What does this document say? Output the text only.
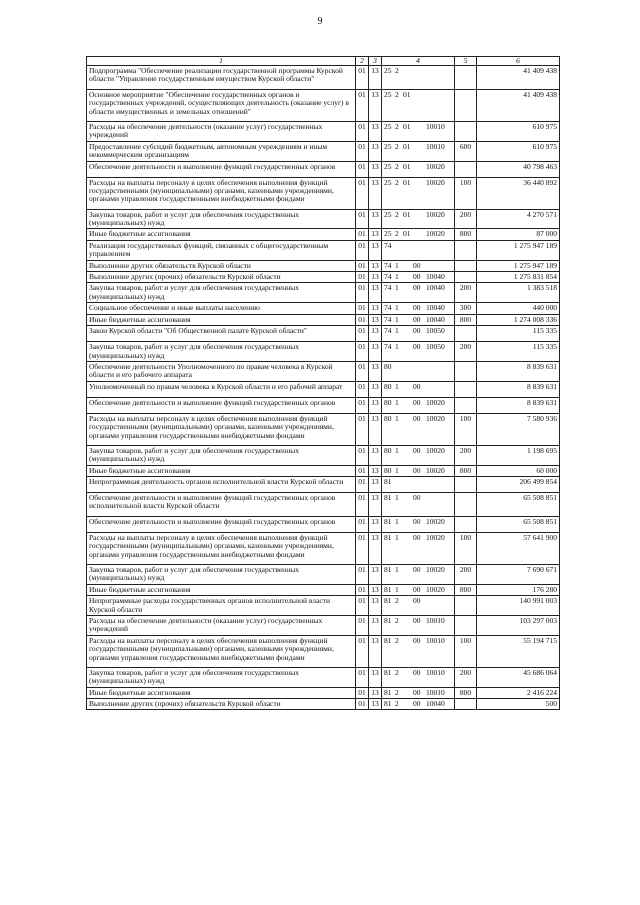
9
1	2	3	4	5	6
Подпрограмма "Обеспечение реализации государственной программы Курской области "Управление государственным имуществом Курской области"	01	13	25 2		41 409 438
Основное мероприятие "Обеспечение государственных органов и государственных учреждений, осуществляющих деятельность (оказание услуг) в области имущественных и земельных отношений"	01	13	25 2 01		41 409 438
Расходы на обеспечение деятельности (оказание услуг) государственных учреждений	01	13	25 2 01 10010		610 975
Предоставление субсидий бюджетным, автономным учреждениям и иным некоммерческим организациям	01	13	25 2 01 10010	600	610 975
Обеспечение деятельности и выполнение функций государственных органов	01	13	25 2 01 10020		40 798 463
Расходы на выплаты персоналу в целях обеспечения выполнения функций государственными (муниципальными) органами, казенными учреждениями, органами управления государственными внебюджетными фондами	01	13	25 2 01 10020	100	36 440 892
Закупка товаров, работ и услуг для обеспечения государственных (муниципальных) нужд	01	13	25 2 01 10020	200	4 270 571
Иные бюджетные ассигнования	01	13	25 2 01 10020	800	87 000
Реализация государственных функций, связанных с общегосударственным управлением	01	13	74		1 275 947 189
Выполнение других обязательств Курской области	01	13	74 1 00		1 275 947 189
Выполнение других (прочих) обязательств Курской области	01	13	74 1 00 10040		1 275 831 854
Закупка товаров, работ и услуг для обеспечения государственных (муниципальных) нужд	01	13	74 1 00 10040	200	1 383 518
Социальное обеспечение и иные выплаты населению	01	13	74 1 00 10040	300	440 000
Иные бюджетные ассигнования	01	13	74 1 00 10040	800	1 274 008 336
Закон Курской области "Об Общественной палате Курской области"	01	13	74 1 00 10050		115 335
Закупка товаров, работ и услуг для обеспечения государственных (муниципальных) нужд	01	13	74 1 00 10050	200	115 335
Обеспечение деятельности Уполномоченного по правам человека в Курской области и его рабочего аппарата	01	13	80		8 839 631
Уполномоченный по правам человека в Курской области и его рабочий аппарат	01	13	80 1 00		8 839 631
Обеспечение деятельности и выполнение функций государственных органов	01	13	80 1 00 10020		8 839 631
Расходы на выплаты персоналу в целях обеспечения выполнения функций государственными (муниципальными) органами, казенными учреждениями, органами управления государственными внебюджетными фондами	01	13	80 1 00 10020	100	7 580 936
Закупка товаров, работ и услуг для обеспечения государственных (муниципальных) нужд	01	13	80 1 00 10020	200	1 198 695
Иные бюджетные ассигнования	01	13	80 1 00 10020	800	60 000
Непрограммная деятельность органов исполнительной власти Курской области	01	13	81		206 499 854
Обеспечение деятельности и выполнение функций государственных органов исполнительной власти Курской области	01	13	81 1 00		65 508 851
Обеспечение деятельности и выполнение функций государственных органов	01	13	81 1 00 10020		65 508 851
Расходы на выплаты персоналу в целях обеспечения выполнения функций государственными (муниципальными) органами, казенными учреждениями, органами управления государственными внебюджетными фондами	01	13	81 1 00 10020	100	57 641 900
Закупка товаров, работ и услуг для обеспечения государственных (муниципальных) нужд	01	13	81 1 00 10020	200	7 690 671
Иные бюджетные ассигнования	01	13	81 1 00 10020	800	176 280
Непрограммные расходы государственных органов исполнительной власти Курской области	01	13	81 2 00		140 991 003
Расходы на обеспечение деятельности (оказание услуг) государственных учреждений	01	13	81 2 00 10010		103 297 003
Расходы на выплаты персоналу в целях обеспечения выполнения функций государственными (муниципальными) органами, казенными учреждениями, органами управления государственными внебюджетными фондами	01	13	81 2 00 10010	100	55 194 715
Закупка товаров, работ и услуг для обеспечения государственных (муниципальных) нужд	01	13	81 2 00 10010	200	45 686 064
Иные бюджетные ассигнования	01	13	81 2 00 10010	800	2 416 224
Выполнение других (прочих) обязательств Курской области	01	13	81 2 00 10040		500
